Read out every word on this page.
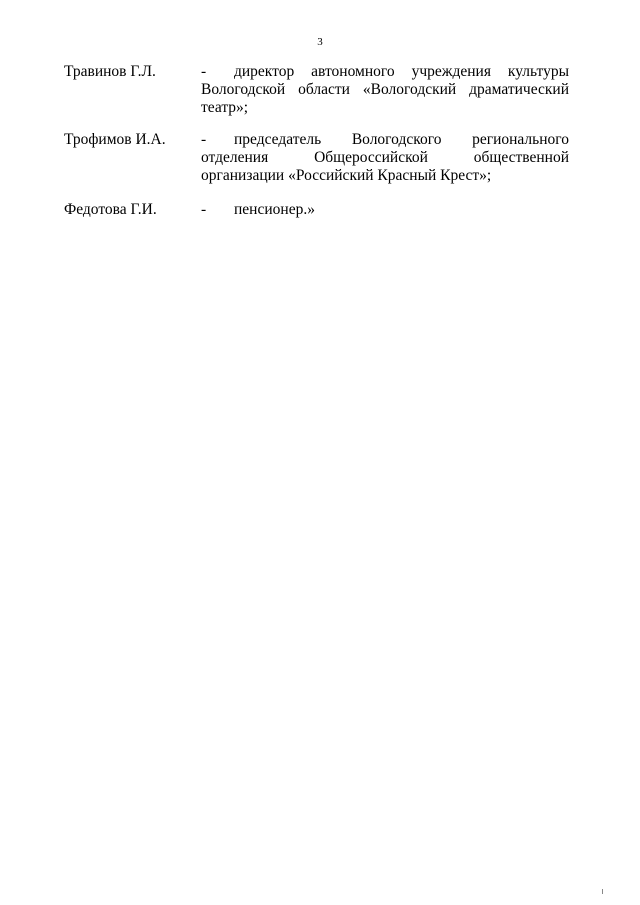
3
Травинов Г.Л.	-	директор автономного учреждения культуры Вологодской области «Вологодский драматический театр»;
Трофимов И.А.	-	председатель Вологодского регионального отделения Общероссийской общественной организации «Российский Красный Крест»;
Федотова Г.И.	-	пенсионер.»
